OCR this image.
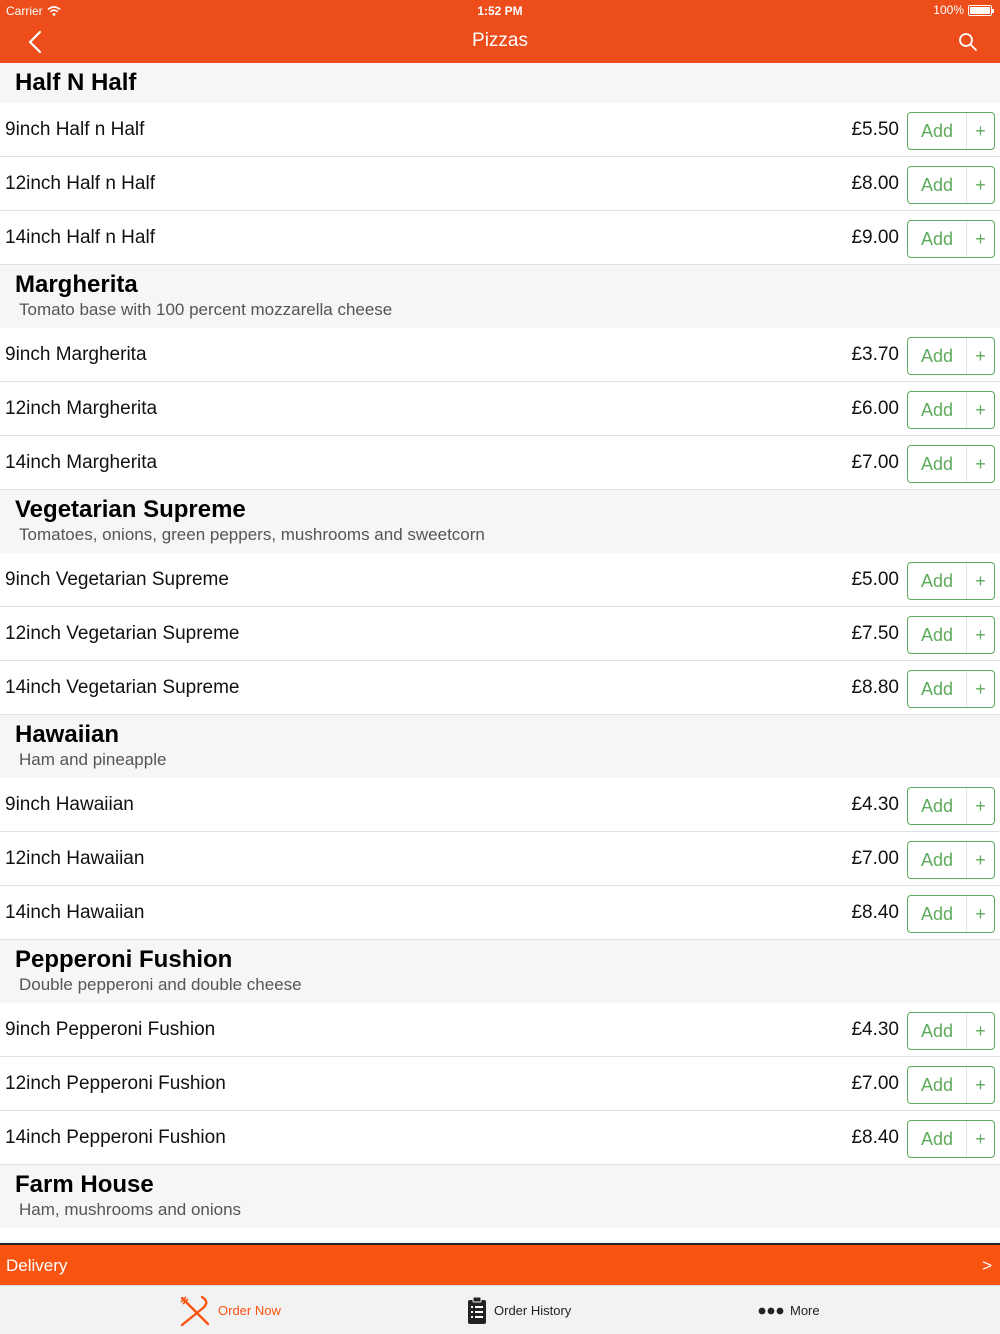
Carrier	1:52 PM	100%
Pizzas
Half N Half
9inch Half n Half	£5.50	Add	+
12inch Half n Half	£8.00	Add	+
14inch Half n Half	£9.00	Add	+
Margherita
Tomato base with 100 percent mozzarella cheese
9inch Margherita	£3.70	Add	+
12inch Margherita	£6.00	Add	+
14inch Margherita	£7.00	Add	+
Vegetarian Supreme
Tomatoes, onions, green peppers, mushrooms and sweetcorn
9inch Vegetarian Supreme	£5.00	Add	+
12inch Vegetarian Supreme	£7.50	Add	+
14inch Vegetarian Supreme	£8.80	Add	+
Hawaiian
Ham and pineapple
9inch Hawaiian	£4.30	Add	+
12inch Hawaiian	£7.00	Add	+
14inch Hawaiian	£8.40	Add	+
Pepperoni Fushion
Double pepperoni and double cheese
9inch Pepperoni Fushion	£4.30	Add	+
12inch Pepperoni Fushion	£7.00	Add	+
14inch Pepperoni Fushion	£8.40	Add	+
Farm House
Ham, mushrooms and onions
Delivery	>
Order Now	Order History	More
